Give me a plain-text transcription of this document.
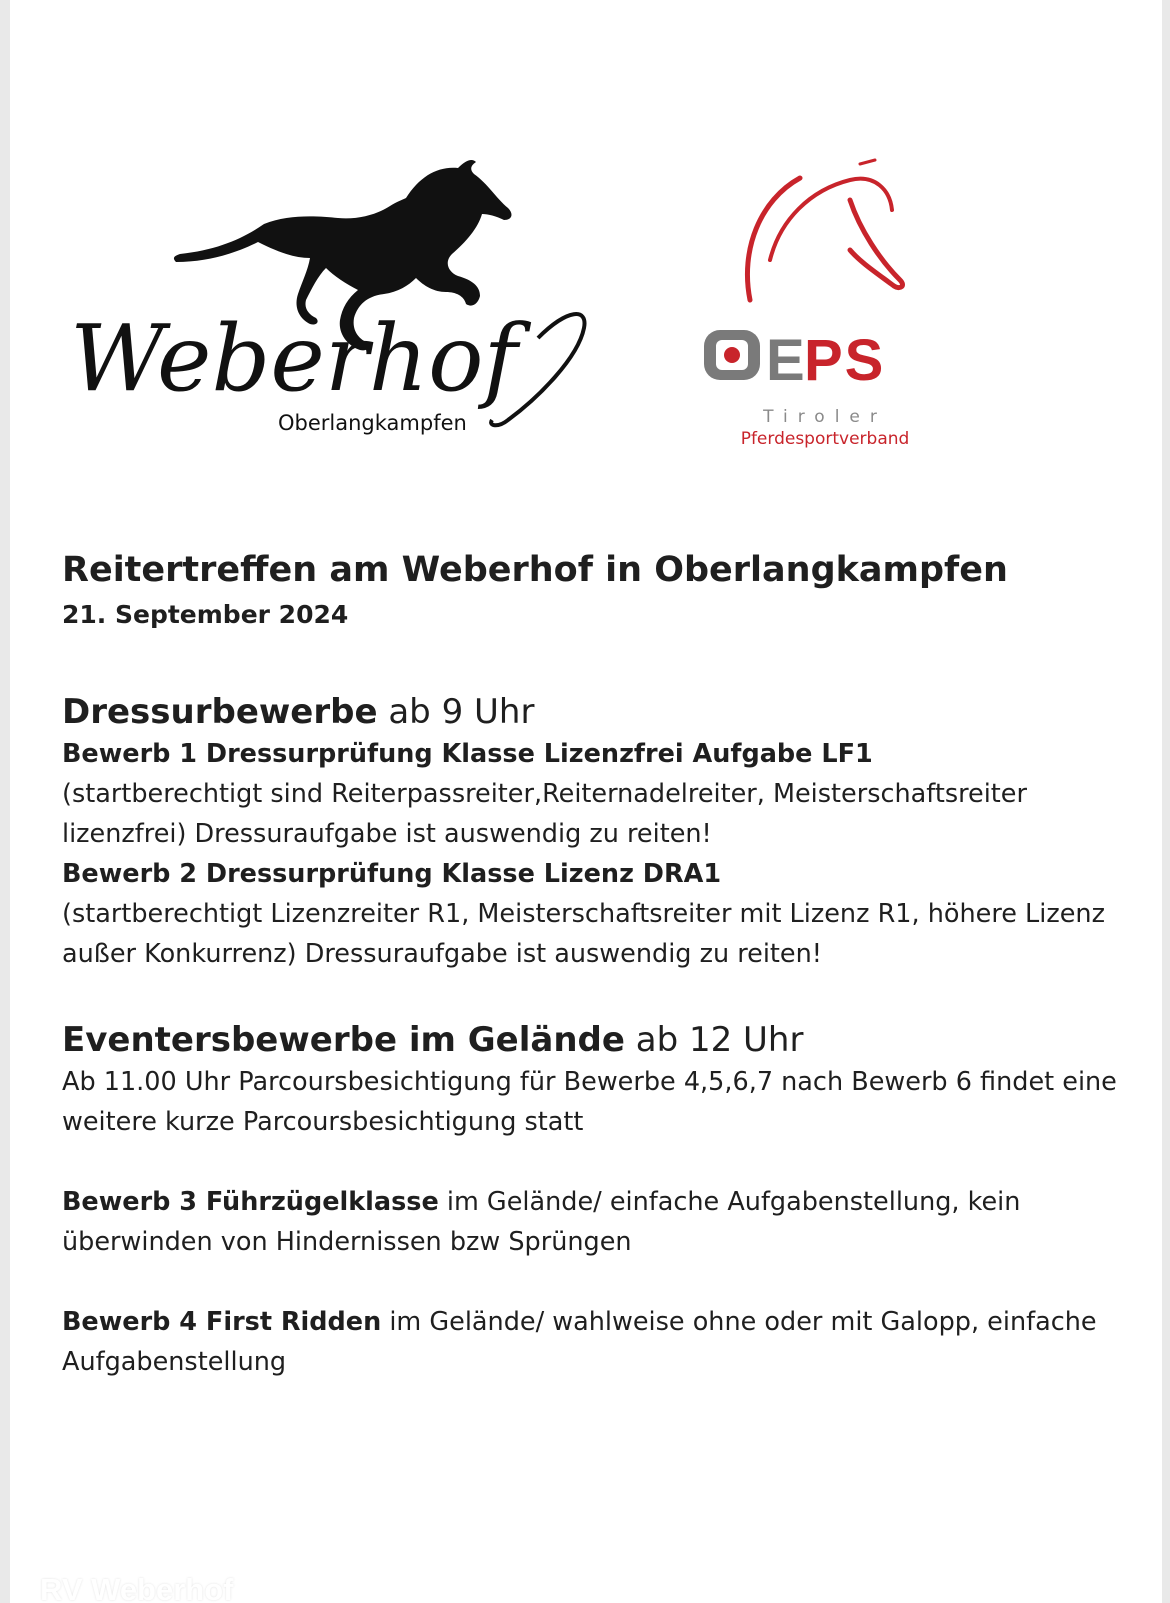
Weberhof
Oberlangkampfen
E
PS
Tiroler
Pferdesportverband
Reitertreffen am Weberhof in Oberlangkampfen

21. September 2024

Dressurbewerbe ab 9 Uhr

Bewerb 1 Dressurprüfung Klasse Lizenzfrei Aufgabe LF1

(startberechtigt sind Reiterpassreiter,Reiternadelreiter, Meisterschaftsreiter

lizenzfrei) Dressuraufgabe ist auswendig zu reiten!

Bewerb 2 Dressurprüfung Klasse Lizenz DRA1

(startberechtigt Lizenzreiter R1, Meisterschaftsreiter mit Lizenz R1, höhere Lizenz

außer Konkurrenz) Dressuraufgabe ist auswendig zu reiten!

Eventersbewerbe im Gelände ab 12 Uhr

Ab 11.00 Uhr Parcoursbesichtigung für Bewerbe 4,5,6,7 nach Bewerb 6 findet eine

weitere kurze Parcoursbesichtigung statt

Bewerb 3 Führzügelklasse im Gelände/ einfache Aufgabenstellung, kein

überwinden von Hindernissen bzw Sprüngen

Bewerb 4 First Ridden im Gelände/ wahlweise ohne oder mit Galopp, einfache

Aufgabenstellung

RV Weberhof
